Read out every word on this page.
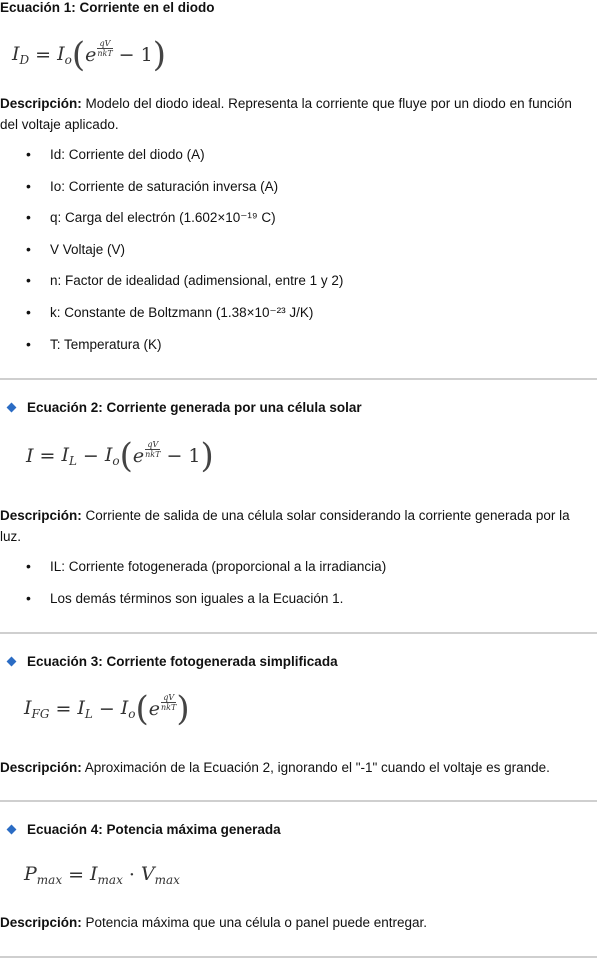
Ecuación 1: Corriente en el diodo
$I_D = I_o$ ( e $\frac{qV}{\text{nkT}} - 1$ )
Descripción: Modelo del diodo ideal. Representa la corriente que fluye por un diodo en función del voltaje aplicado.
• Id: Corriente del diodo (A)
• Io: Corriente de saturación inversa (A)
• q: Carga del electrón (1.602×10⁻¹⁹ C)
• V Voltaje (V)
• n: Factor de idealidad (adimensional, entre 1 y 2)
• k: Constante de Boltzmann (1.38×10⁻²³ J/K)
• T: Temperatura (K)
Ecuación 2: Corriente generada por una célula solar
$I = I_L - I_o$ ( e $\frac{qV}{\text{nkT}} - 1$ )
Descripción: Corriente de salida de una célula solar considerando la corriente generada por la luz.
• IL: Corriente fotogenerada (proporcional a la irradiancia)
• Los demás términos son iguales a la Ecuación 1.
Ecuación 3: Corriente fotogenerada simplificada
$I_{FG} = I_L - I_o$ ( e $\frac{qV}{\text{nkT}}$ )
Descripción: Aproximación de la Ecuación 2, ignorando el "-1" cuando el voltaje es grande.
Ecuación 4: Potencia máxima generada
$P_{max} = I_{max} \cdot V_{max}$
Descripción: Potencia máxima que una célula o panel puede entregar.
